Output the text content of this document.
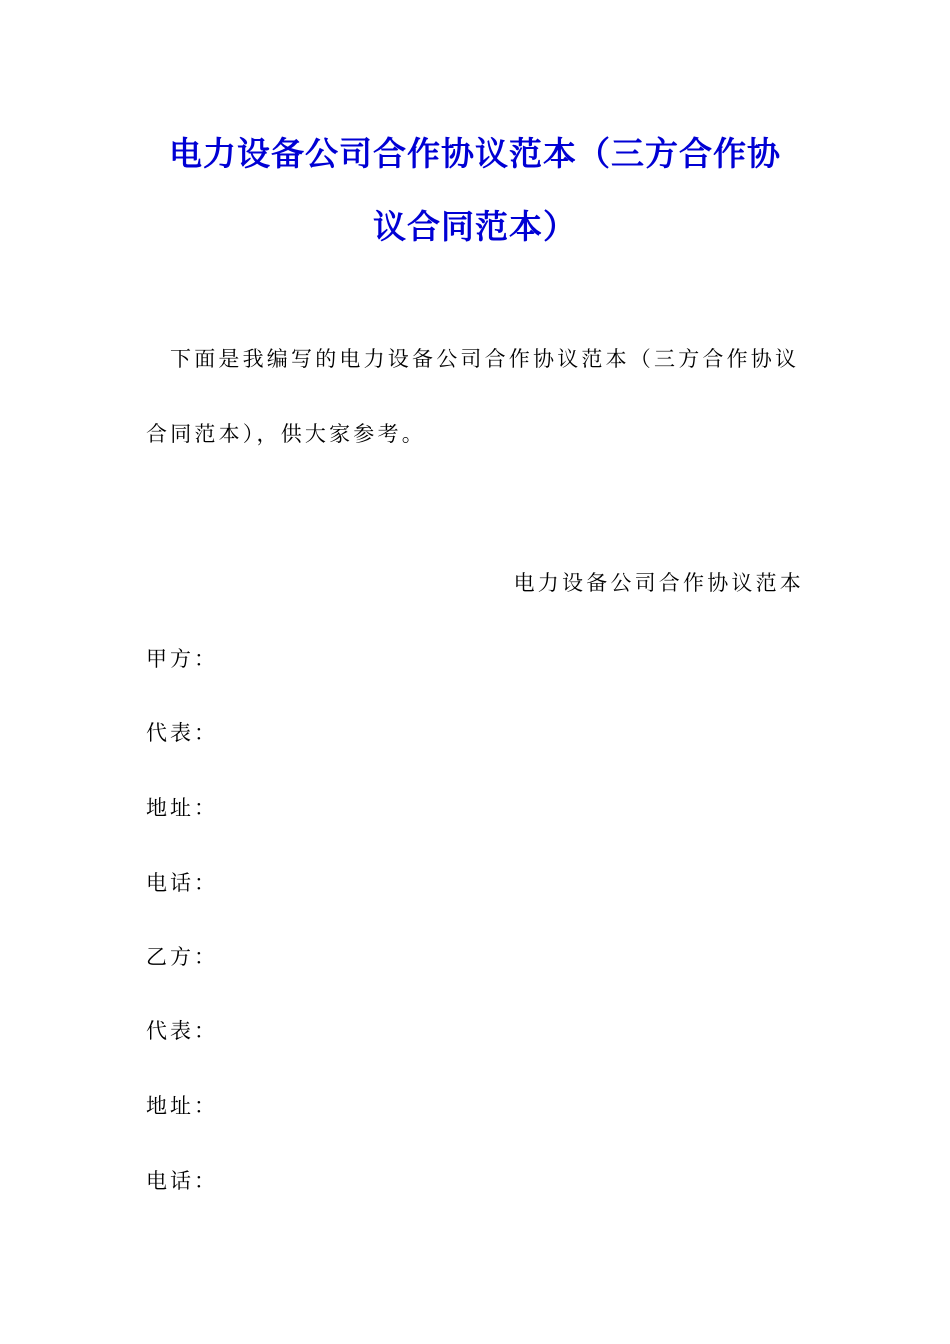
电力设备公司合作协议范本（三方合作协
议合同范本）
下面是我编写的电力设备公司合作协议范本（三方合作协议
合同范本），供大家参考。
电力设备公司合作协议范本
甲方：
代表：
地址：
电话：
乙方：
代表：
地址：
电话：
